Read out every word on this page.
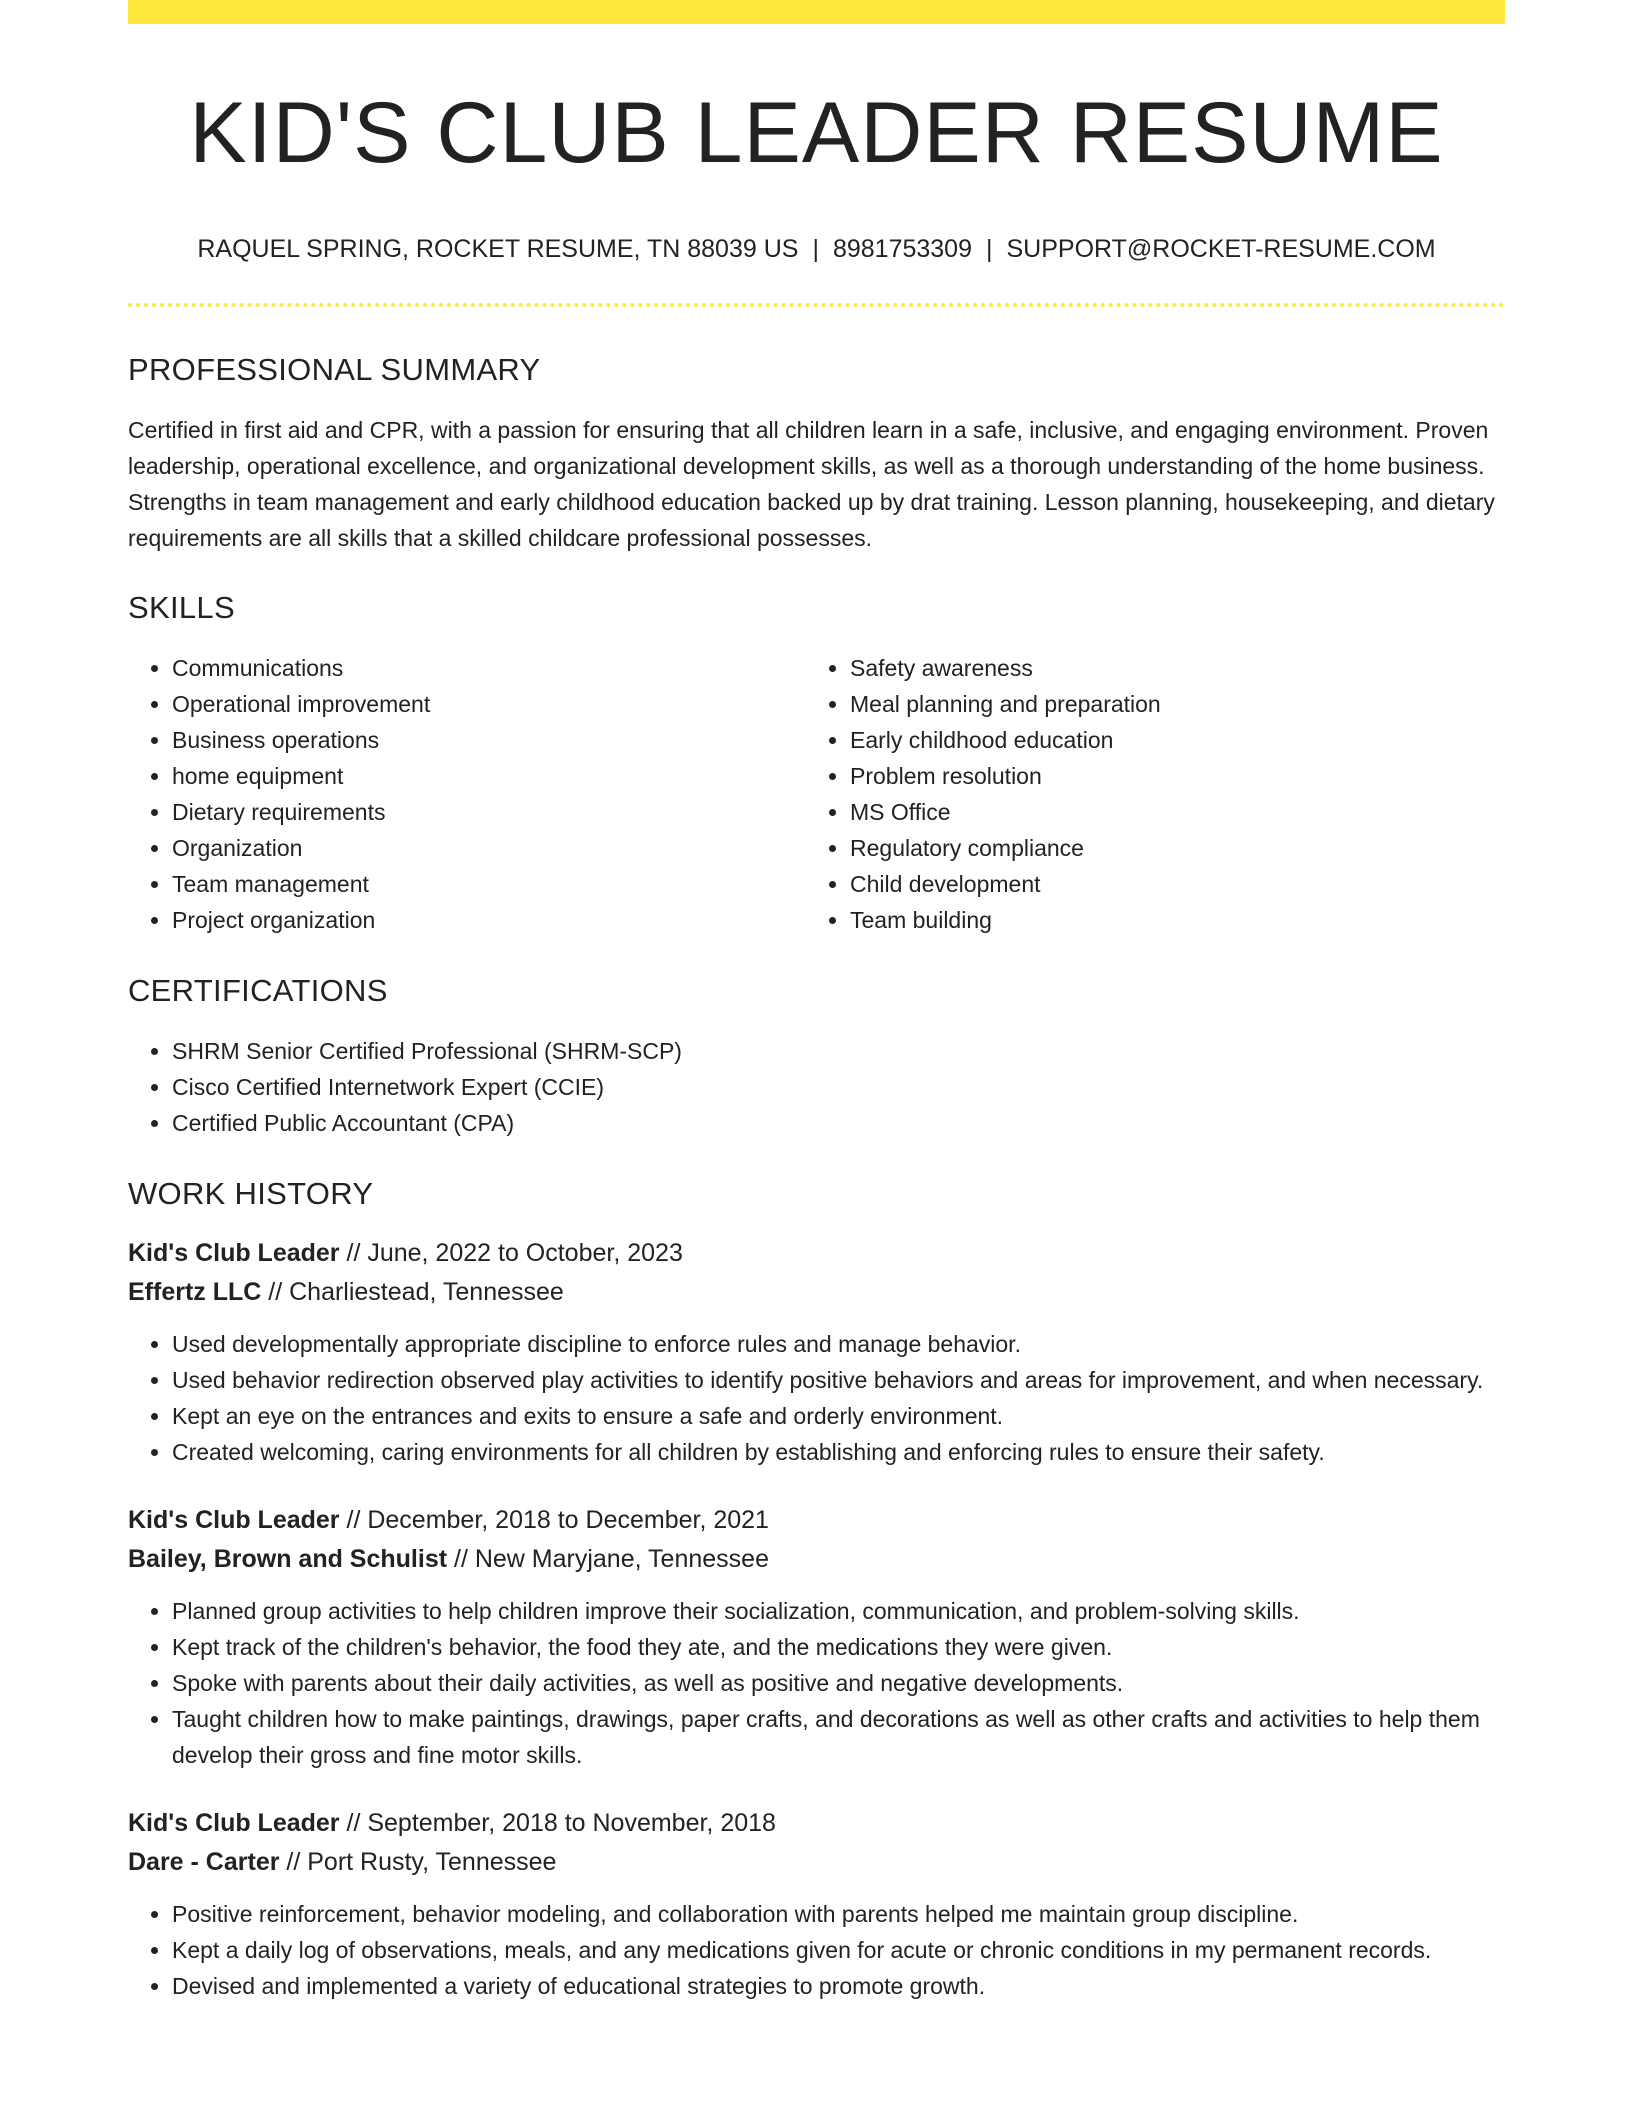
KID'S CLUB LEADER RESUME
RAQUEL SPRING, ROCKET RESUME, TN 88039 US | 8981753309 | SUPPORT@ROCKET-RESUME.COM
PROFESSIONAL SUMMARY

Certified in first aid and CPR, with a passion for ensuring that all children learn in a safe, inclusive, and engaging environment. Proven leadership, operational excellence, and organizational development skills, as well as a thorough understanding of the home business. Strengths in team management and early childhood education backed up by drat training. Lesson planning, housekeeping, and dietary requirements are all skills that a skilled childcare professional possesses.

SKILLS
• Communications
• Operational improvement
• Business operations
• home equipment
• Dietary requirements
• Organization
• Team management
• Project organization
• Safety awareness
• Meal planning and preparation
• Early childhood education
• Problem resolution
• MS Office
• Regulatory compliance
• Child development
• Team building
CERTIFICATIONS
• SHRM Senior Certified Professional (SHRM-SCP)
• Cisco Certified Internetwork Expert (CCIE)
• Certified Public Accountant (CPA)
WORK HISTORY
Kid's Club Leader // June, 2022 to October, 2023
Effertz LLC // Charliestead, Tennessee
• Used developmentally appropriate discipline to enforce rules and manage behavior.
• Used behavior redirection observed play activities to identify positive behaviors and areas for improvement, and when necessary.
• Kept an eye on the entrances and exits to ensure a safe and orderly environment.
• Created welcoming, caring environments for all children by establishing and enforcing rules to ensure their safety.
Kid's Club Leader // December, 2018 to December, 2021
Bailey, Brown and Schulist // New Maryjane, Tennessee
• Planned group activities to help children improve their socialization, communication, and problem-solving skills.
• Kept track of the children's behavior, the food they ate, and the medications they were given.
• Spoke with parents about their daily activities, as well as positive and negative developments.
• Taught children how to make paintings, drawings, paper crafts, and decorations as well as other crafts and activities to help them develop their gross and fine motor skills.
Kid's Club Leader // September, 2018 to November, 2018
Dare - Carter // Port Rusty, Tennessee
• Positive reinforcement, behavior modeling, and collaboration with parents helped me maintain group discipline.
• Kept a daily log of observations, meals, and any medications given for acute or chronic conditions in my permanent records.
• Devised and implemented a variety of educational strategies to promote growth.
